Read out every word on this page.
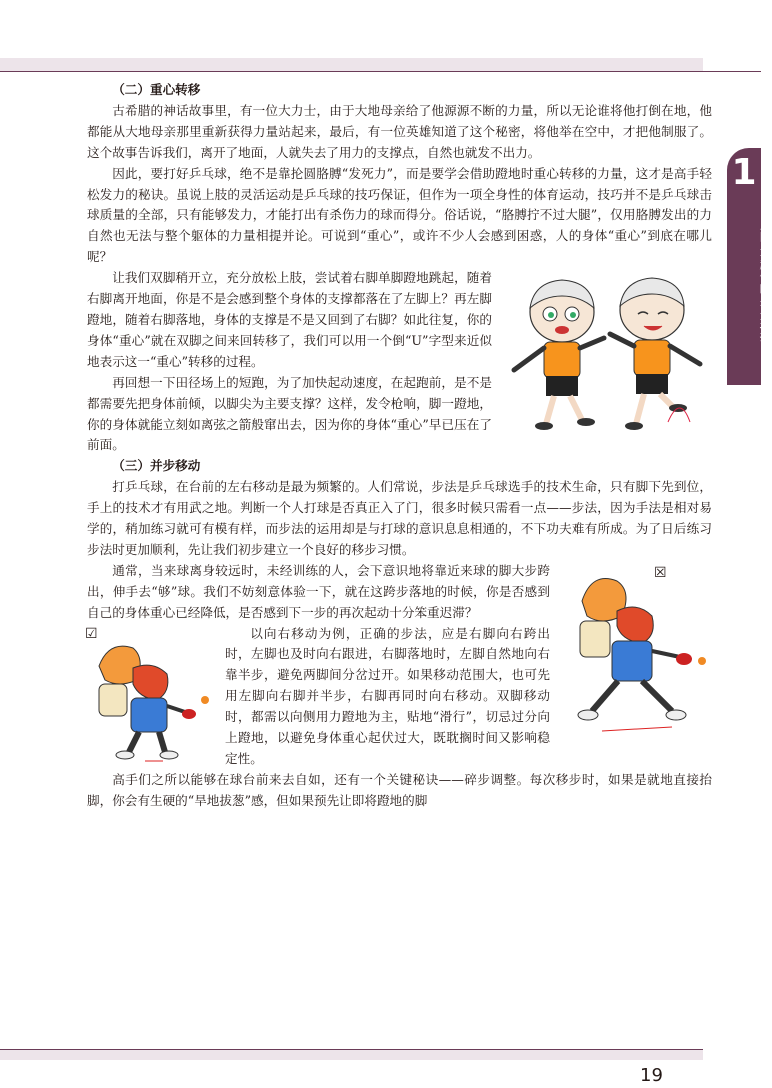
1
入门·拿起你的乒乓球拍
（二）重心转移

古希腊的神话故事里，有一位大力士，由于大地母亲给了他源源不断的力量，所以无论谁将他打倒在地，他都能从大地母亲那里重新获得力量站起来，最后，有一位英雄知道了这个秘密，将他举在空中，才把他制服了。这个故事告诉我们，离开了地面，人就失去了用力的支撑点，自然也就发不出力。

因此，要打好乒乓球，绝不是靠抡圆胳膊“发死力”，而是要学会借助蹬地时重心转移的力量，这才是高手轻松发力的秘诀。虽说上肢的灵活运动是乒乓球的技巧保证，但作为一项全身性的体育运动，技巧并不是乒乓球击球质量的全部，只有能够发力，才能打出有杀伤力的球而得分。俗话说，“胳膊拧不过大腿”，仅用胳膊发出的力自然也无法与整个躯体的力量相提并论。可说到“重心”，或许不少人会感到困惑，人的身体“重心”到底在哪儿呢？

让我们双脚稍开立，充分放松上肢，尝试着右脚单脚蹬地跳起，随着右脚离开地面，你是不是会感到整个身体的支撑都落在了左脚上？再左脚蹬地，随着右脚落地，身体的支撑是不是又回到了右脚？如此往复，你的身体“重心”就在双脚之间来回转移了，我们可以用一个倒“U”字型来近似地表示这一“重心”转移的过程。

再回想一下田径场上的短跑，为了加快起动速度，在起跑前，是不是都需要先把身体前倾，以脚尖为主要支撑？这样，发令枪响，脚一蹬地，你的身体就能立刻如离弦之箭般窜出去，因为你的身体“重心”早已压在了前面。

（三）并步移动

打乒乓球，在台前的左右移动是最为频繁的。人们常说，步法是乒乓球选手的技术生命，只有脚下先到位，手上的技术才有用武之地。判断一个人打球是否真正入了门，很多时候只需看一点——步法，因为手法是相对易学的，稍加练习就可有模有样，而步法的运用却是与打球的意识息息相通的，不下功夫难有所成。为了日后练习步法时更加顺利，先让我们初步建立一个良好的移步习惯。

☒

通常，当来球离身较远时，未经训练的人，会下意识地将靠近来球的脚大步跨出，伸手去“够”球。我们不妨刻意体验一下，就在这跨步落地的时候，你是否感到自己的身体重心已经降低，是否感到下一步的再次起动十分笨重迟滞？

☑	以向右移动为例，正确的步法，应是右脚向右跨出时，左脚也及时向右跟进，右脚落地时，左脚自然地向右靠半步，避免两脚间分岔过开。如果移动范围大，也可先用左脚向右脚并半步，右脚再同时向右移动。双脚移动时，都需以向侧用力蹬地为主，贴地“滑行”，切忌过分向上蹬地，以避免身体重心起伏过大，既耽搁时间又影响稳定性。

高手们之所以能够在球台前来去自如，还有一个关键秘诀——碎步调整。每次移步时，如果是就地直接抬脚，你会有生硬的“旱地拔葱”感，但如果预先让即将蹬地的脚

19
